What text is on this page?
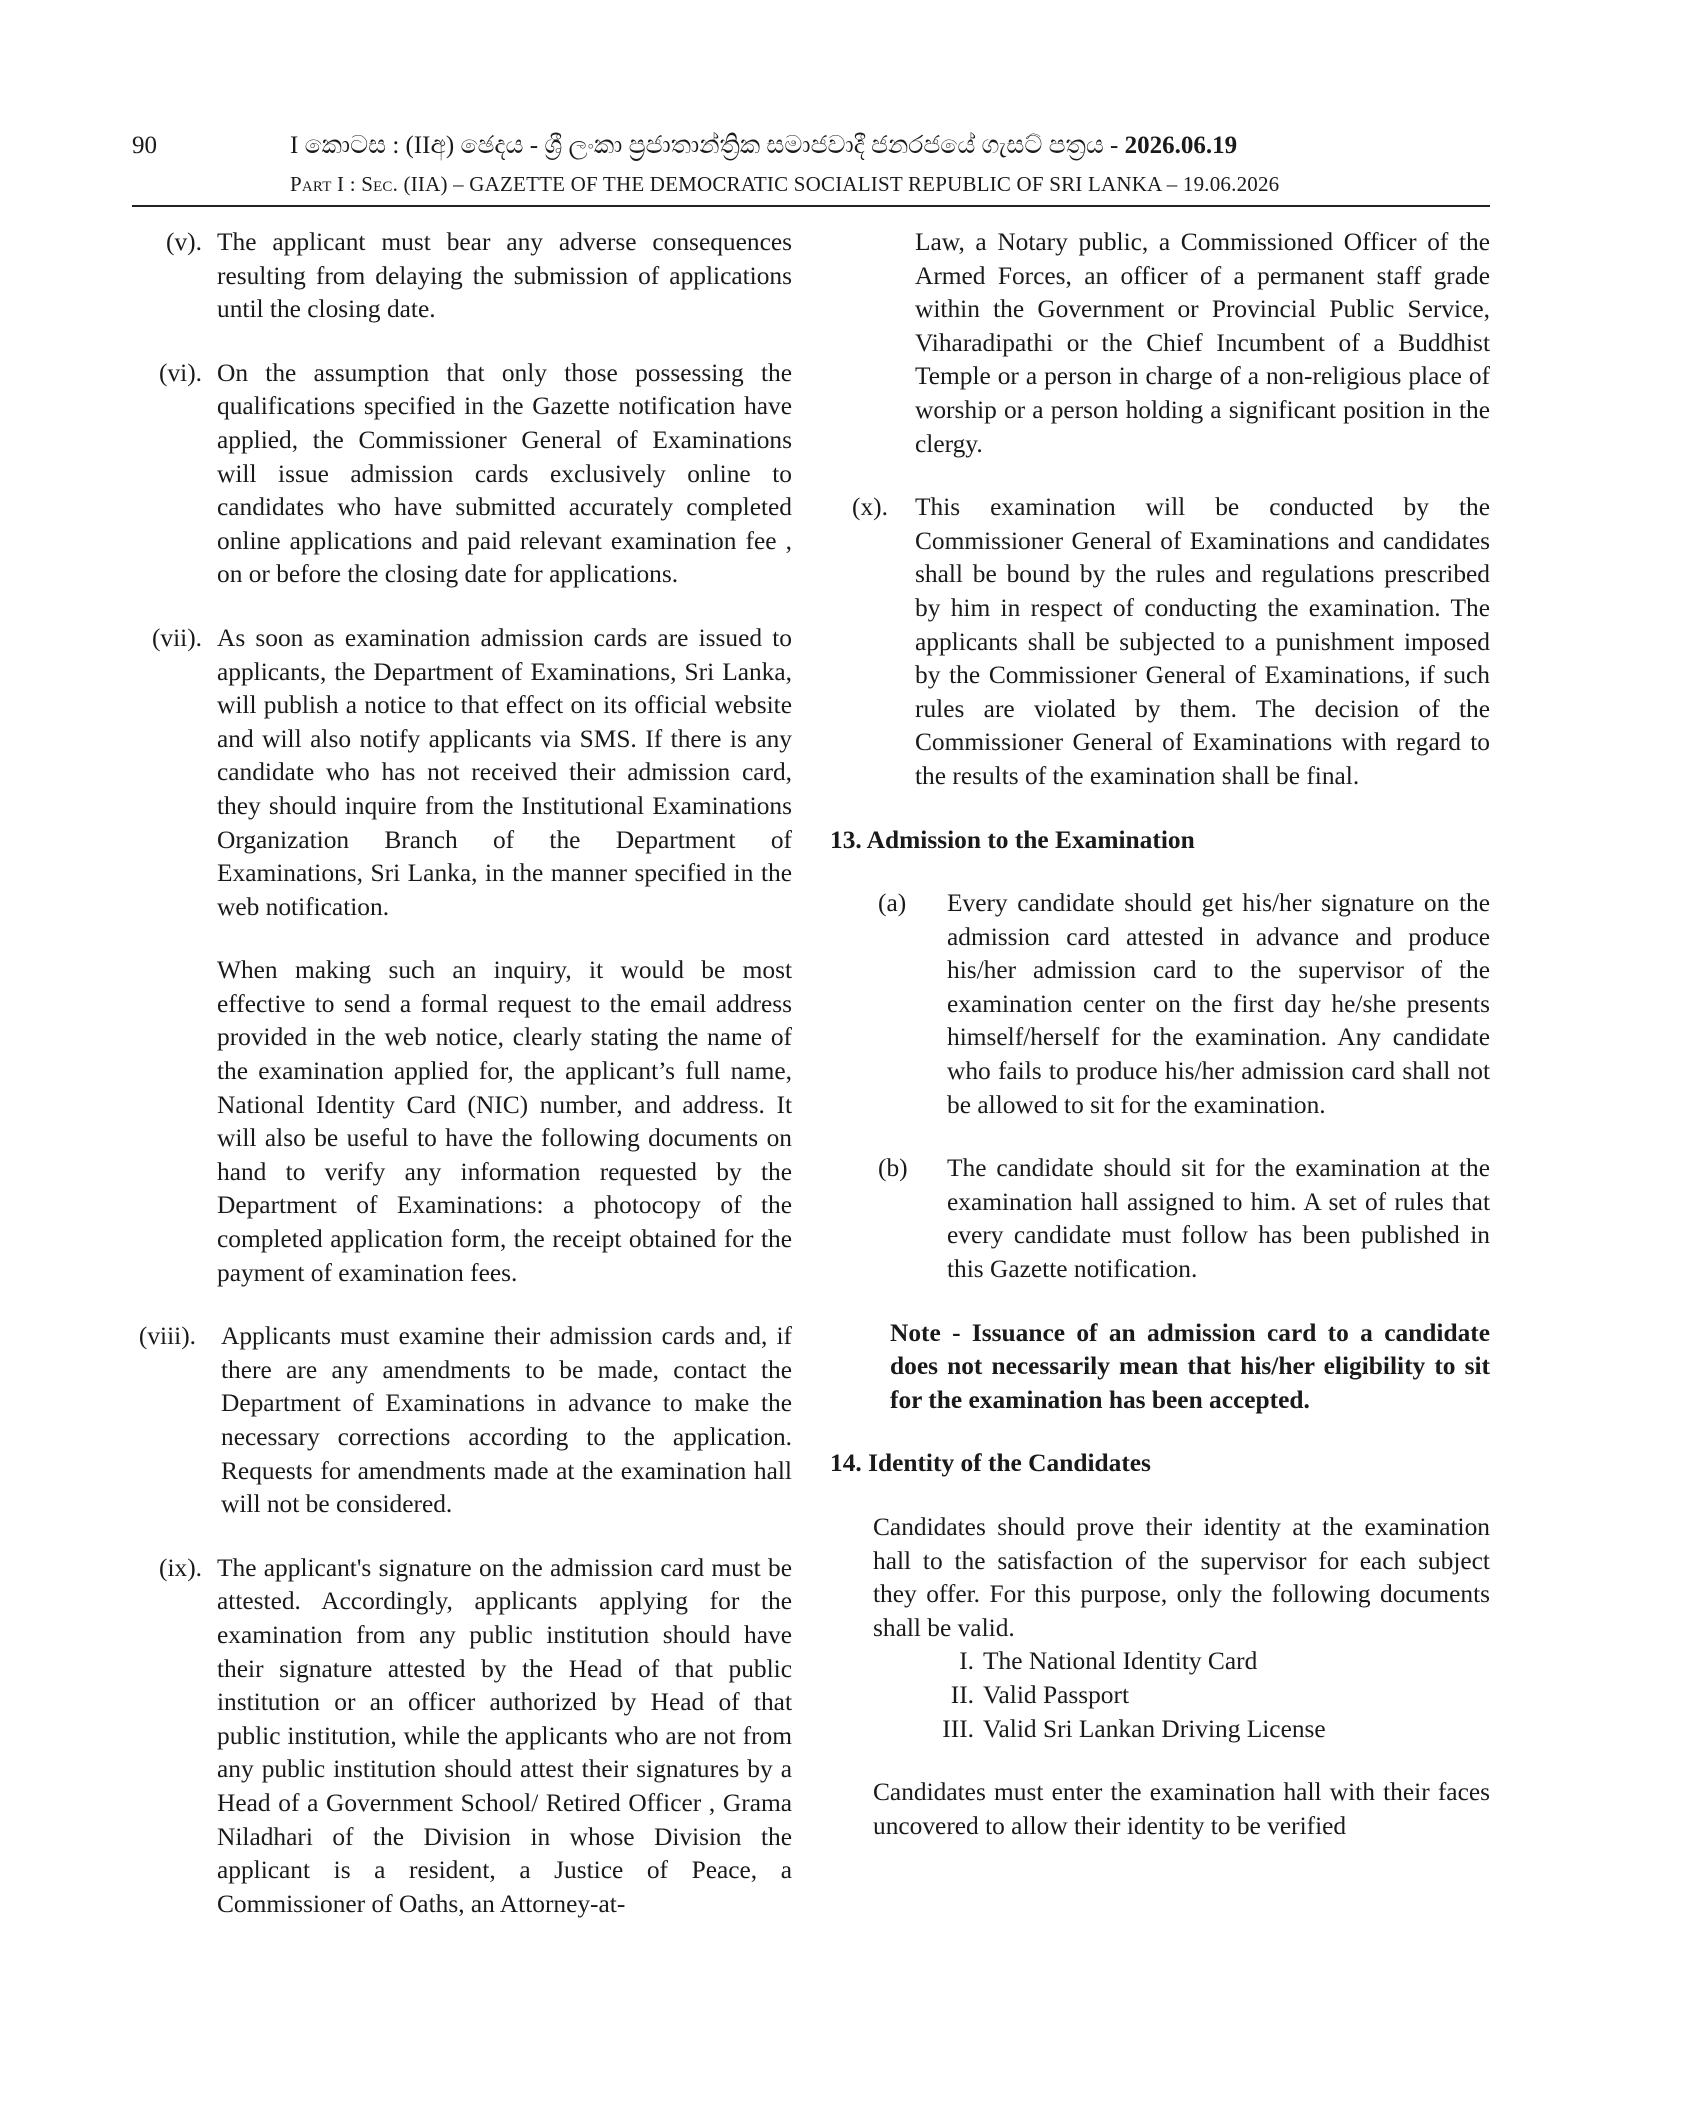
90	I කොටස : (IIඅ) ඡෙදය - ශ්‍රී ලංකා ප්‍රජාතාන්ත්‍රික සමාජවාදී ජනරජයේ ගැසට් පත්‍රය - 2026.06.19
Part I : Sec. (IIA) – GAZETTE OF THE DEMOCRATIC SOCIALIST REPUBLIC OF SRI LANKA – 19.06.2026
(v). The applicant must bear any adverse consequences resulting from delaying the submission of applications until the closing date.

(vi). On the assumption that only those possessing the qualifications specified in the Gazette notification have applied, the Commissioner General of Examinations will issue admission cards exclusively online to candidates who have submitted accurately completed online applications and paid relevant examination fee , on or before the closing date for applications.

(vii). As soon as examination admission cards are issued to applicants, the Department of Examinations, Sri Lanka, will publish a notice to that effect on its official website and will also notify applicants via SMS. If there is any candidate who has not received their admission card, they should inquire from the Institutional Examinations Organization Branch of the Department of Examinations, Sri Lanka, in the manner specified in the web notification.

When making such an inquiry, it would be most effective to send a formal request to the email address provided in the web notice, clearly stating the name of the examination applied for, the applicant’s full name, National Identity Card (NIC) number, and address. It will also be useful to have the following documents on hand to verify any information requested by the Department of Examinations: a photocopy of the completed application form, the receipt obtained for the payment of examination fees.

(viii). Applicants must examine their admission cards and, if there are any amendments to be made, contact the Department of Examinations in advance to make the necessary corrections according to the application. Requests for amendments made at the examination hall will not be considered.

(ix). The applicant's signature on the admission card must be attested. Accordingly, applicants applying for the examination from any public institution should have their signature attested by the Head of that public institution or an officer authorized by Head of that public institution, while the applicants who are not from any public institution should attest their signatures by a Head of a Government School/ Retired Officer , Grama Niladhari of the Division in whose Division the applicant is a resident, a Justice of Peace, a Commissioner of Oaths, an Attorney-at-

Law, a Notary public, a Commissioned Officer of the Armed Forces, an officer of a permanent staff grade within the Government or Provincial Public Service, Viharadipathi or the Chief Incumbent of a Buddhist Temple or a person in charge of a non-religious place of worship or a person holding a significant position in the clergy.

(x). This examination will be conducted by the Commissioner General of Examinations and candidates shall be bound by the rules and regulations prescribed by him in respect of conducting the examination. The applicants shall be subjected to a punishment imposed by the Commissioner General of Examinations, if such rules are violated by them. The decision of the Commissioner General of Examinations with regard to the results of the examination shall be final.

13. Admission to the Examination

(a) Every candidate should get his/her signature on the admission card attested in advance and produce his/her admission card to the supervisor of the examination center on the first day he/she presents himself/herself for the examination. Any candidate who fails to produce his/her admission card shall not be allowed to sit for the examination.

(b) The candidate should sit for the examination at the examination hall assigned to him. A set of rules that every candidate must follow has been published in this Gazette notification.

Note - Issuance of an admission card to a candidate does not necessarily mean that his/her eligibility to sit for the examination has been accepted.

14. Identity of the Candidates

Candidates should prove their identity at the examination hall to the satisfaction of the supervisor for each subject they offer. For this purpose, only the following documents shall be valid.

I. The National Identity Card
II. Valid Passport
III. Valid Sri Lankan Driving License

Candidates must enter the examination hall with their faces uncovered to allow their identity to be verified
